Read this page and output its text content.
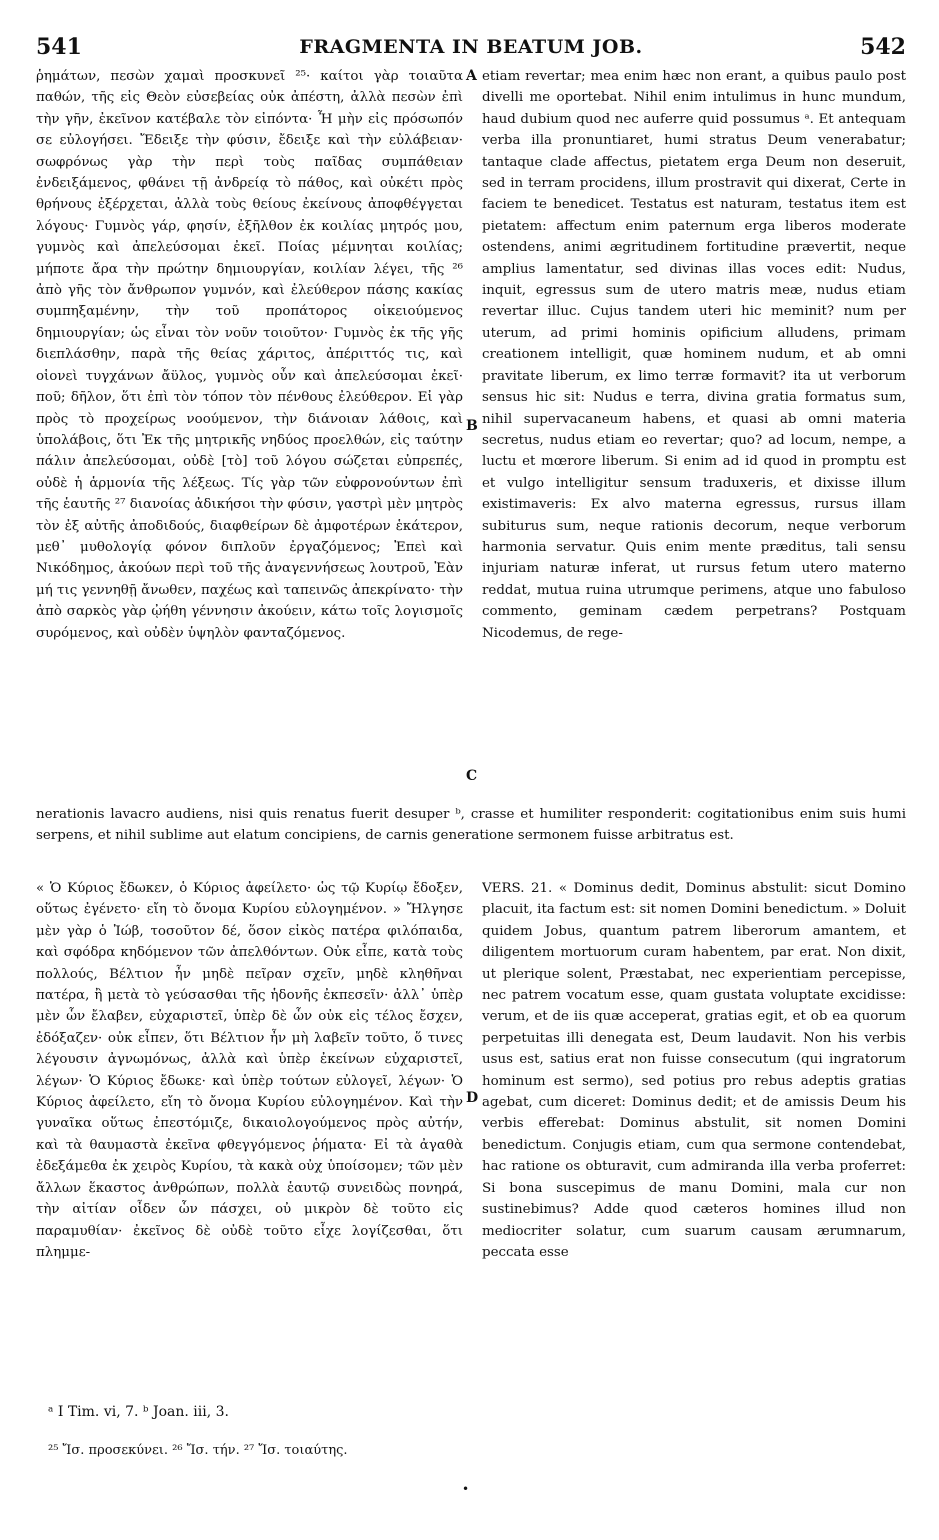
541	FRAGMENTA IN BEATUM JOB.	542

ῥημάτων, πεσὼν χαμαὶ προσκυνεῖ ²⁵· καίτοι γὰρ τοιαῦτα παθών, τῆς εἰς Θεὸν εὐσεβείας οὐκ ἀπέστη, ἀλλὰ πεσὼν ἐπὶ τὴν γῆν, ἐκεῖνον κατέβαλε τὸν εἰπόντα· Ἦ μὴν εἰς πρόσωπόν σε εὐλογήσει. Ἔδειξε τὴν φύσιν, ἔδειξε καὶ τὴν εὐλάβειαν· σωφρόνως γὰρ τὴν περὶ τοὺς παῖδας συμπάθειαν ἐνδειξάμενος, φθάνει τῇ ἀνδρείᾳ τὸ πάθος, καὶ οὐκέτι πρὸς θρήνους ἐξέρχεται, ἀλλὰ τοὺς θείους ἐκείνους ἀποφθέγγεται λόγους· Γυμνὸς γάρ, φησίν, ἐξῆλθον ἐκ κοιλίας μητρός μου, γυμνὸς καὶ ἀπελεύσομαι ἐκεῖ. Ποίας μέμνηται κοιλίας; μήποτε ἄρα τὴν πρώτην δημιουργίαν, κοιλίαν λέγει, τῆς ²⁶ ἀπὸ γῆς τὸν ἄνθρωπον γυμνόν, καὶ ἐλεύθερον πάσης κακίας συμπηξαμένην, τὴν τοῦ προπάτορος οἰκειούμενος δημιουργίαν; ὡς εἶναι τὸν νοῦν τοιοῦτον· Γυμνὸς ἐκ τῆς γῆς διεπλάσθην, παρὰ τῆς θείας χάριτος, ἀπέριττός τις, καὶ οἱονεὶ τυγχάνων ἄϋλος, γυμνὸς οὖν καὶ ἀπελεύσομαι ἐκεῖ· ποῦ; δῆλον, ὅτι ἐπὶ τὸν τόπον τὸν πένθους ἐλεύθερον. Εἰ γὰρ πρὸς τὸ προχείρως νοούμενον, τὴν διάνοιαν λάθοις, καὶ ὑπολάβοις, ὅτι Ἐκ τῆς μητρικῆς νηδύος προελθών, εἰς ταύτην πάλιν ἀπελεύσομαι, οὐδὲ [τὸ] τοῦ λόγου σώζεται εὐπρεπές, οὐδὲ ἡ ἁρμονία τῆς λέξεως. Τίς γὰρ τῶν εὐφρονούντων ἐπὶ τῆς ἑαυτῆς ²⁷ διανοίας ἀδικήσοι τὴν φύσιν, γαστρὶ μὲν μητρὸς τὸν ἐξ αὐτῆς ἀποδιδούς, διαφθείρων δὲ ἀμφοτέρων ἑκάτερον, μεθ᾽ μυθολογίᾳ φόνον διπλοῦν ἐργαζόμενος; Ἐπεὶ καὶ Νικόδημος, ἀκούων περὶ τοῦ τῆς ἀναγεννήσεως λουτροῦ, Ἐὰν μή τις γεννηθῇ ἄνωθεν, παχέως καὶ ταπεινῶς ἀπεκρίνατο· τὴν ἀπὸ σαρκὸς γὰρ ᾠήθη γέννησιν ἀκούειν, κάτω τοῖς λογισμοῖς συρόμενος, καὶ οὐδὲν ὑψηλὸν φανταζόμενος.

etiam revertar; mea enim hæc non erant, a quibus paulo post divelli me oportebat. Nihil enim intulimus in hunc mundum, haud dubium quod nec auferre quid possumus ᵃ. Et antequam verba illa pronuntiaret, humi stratus Deum venerabatur; tantaque clade affectus, pietatem erga Deum non deseruit, sed in terram procidens, illum prostravit qui dixerat, Certe in faciem te benedicet. Testatus est naturam, testatus item est pietatem: affectum enim paternum erga liberos moderate ostendens, animi ægritudinem fortitudine prævertit, neque amplius lamentatur, sed divinas illas voces edit: Nudus, inquit, egressus sum de utero matris meæ, nudus etiam revertar illuc. Cujus tandem uteri hic meminit? num per uterum, ad primi hominis opificium alludens, primam creationem intelligit, quæ hominem nudum, et ab omni pravitate liberum, ex limo terræ formavit? ita ut verborum sensus hic sit: Nudus e terra, divina gratia formatus sum, nihil supervacaneum habens, et quasi ab omni materia secretus, nudus etiam eo revertar; quo? ad locum, nempe, a luctu et mœrore liberum. Si enim ad id quod in promptu est et vulgo intelligitur sensum traduxeris, et dixisse illum existimaveris: Ex alvo materna egressus, rursus illam subiturus sum, neque rationis decorum, neque verborum harmonia servatur. Quis enim mente præditus, tali sensu injuriam naturæ inferat, ut rursus fetum utero materno reddat, mutua ruina utrumque perimens, atque uno fabuloso commento, geminam cædem perpetrans? Postquam Nicodemus, de rege-

A
B
C
D

nerationis lavacro audiens, nisi quis renatus fuerit desuper ᵇ, crasse et humiliter responderit: cogitationibus enim suis humi serpens, et nihil sublime aut elatum concipiens, de carnis generatione sermonem fuisse arbitratus est.

« Ὁ Κύριος ἔδωκεν, ὁ Κύριος ἀφείλετο· ὡς τῷ Κυρίῳ ἔδοξεν, οὕτως ἐγένετο· εἴη τὸ ὄνομα Κυρίου εὐλογημένον. » Ἤλγησε μὲν γὰρ ὁ Ἰώβ, τοσοῦτον δέ, ὅσον εἰκὸς πατέρα φιλόπαιδα, καὶ σφόδρα κηδόμενον τῶν ἀπελθόντων. Οὐκ εἶπε, κατὰ τοὺς πολλούς, Βέλτιον ἦν μηδὲ πεῖραν σχεῖν, μηδὲ κληθῆναι πατέρα, ἢ μετὰ τὸ γεύσασθαι τῆς ἡδονῆς ἐκπεσεῖν· ἀλλ᾽ ὑπὲρ μὲν ὧν ἔλαβεν, εὐχαριστεῖ, ὑπὲρ δὲ ὧν οὐκ εἰς τέλος ἔσχεν, ἐδόξαζεν· οὐκ εἶπεν, ὅτι Βέλτιον ἦν μὴ λαβεῖν τοῦτο, ὅ τινες λέγουσιν ἀγνωμόνως, ἀλλὰ καὶ ὑπὲρ ἐκείνων εὐχαριστεῖ, λέγων· Ὁ Κύριος ἔδωκε· καὶ ὑπὲρ τούτων εὐλογεῖ, λέγων· Ὁ Κύριος ἀφείλετο, εἴη τὸ ὄνομα Κυρίου εὐλογημένον. Καὶ τὴν γυναῖκα οὕτως ἐπεστόμιζε, δικαιολογούμενος πρὸς αὐτήν, καὶ τὰ θαυμαστὰ ἐκεῖνα φθεγγόμενος ῥήματα· Εἰ τὰ ἀγαθὰ ἐδεξάμεθα ἐκ χειρὸς Κυρίου, τὰ κακὰ οὐχ ὑποίσομεν; τῶν μὲν ἄλλων ἕκαστος ἀνθρώπων, πολλὰ ἑαυτῷ συνειδὼς πονηρά, τὴν αἰτίαν οἶδεν ὧν πάσχει, οὐ μικρὸν δὲ τοῦτο εἰς παραμυθίαν· ἐκεῖνος δὲ οὐδὲ τοῦτο εἶχε λογίζεσθαι, ὅτι πλημμε-

VERS. 21. « Dominus dedit, Dominus abstulit: sicut Domino placuit, ita factum est: sit nomen Domini benedictum. » Doluit quidem Jobus, quantum patrem liberorum amantem, et diligentem mortuorum curam habentem, par erat. Non dixit, ut plerique solent, Præstabat, nec experientiam percepisse, nec patrem vocatum esse, quam gustata voluptate excidisse: verum, et de iis quæ acceperat, gratias egit, et ob ea quorum perpetuitas illi denegata est, Deum laudavit. Non his verbis usus est, satius erat non fuisse consecutum (qui ingratorum hominum est sermo), sed potius pro rebus adeptis gratias agebat, cum diceret: Dominus dedit; et de amissis Deum his verbis efferebat: Dominus abstulit, sit nomen Domini benedictum. Conjugis etiam, cum qua sermone contendebat, hac ratione os obturavit, cum admiranda illa verba proferret: Si bona suscepimus de manu Domini, mala cur non sustinebimus? Adde quod cæteros homines illud non mediocriter solatur, cum suarum causam ærumnarum, peccata esse

ᵃ I Tim. vi, 7. ᵇ Joan. iii, 3.
²⁵ Ἴσ. προσεκύνει. ²⁶ Ἴσ. τήν. ²⁷ Ἴσ. τοιαύτης.
•
